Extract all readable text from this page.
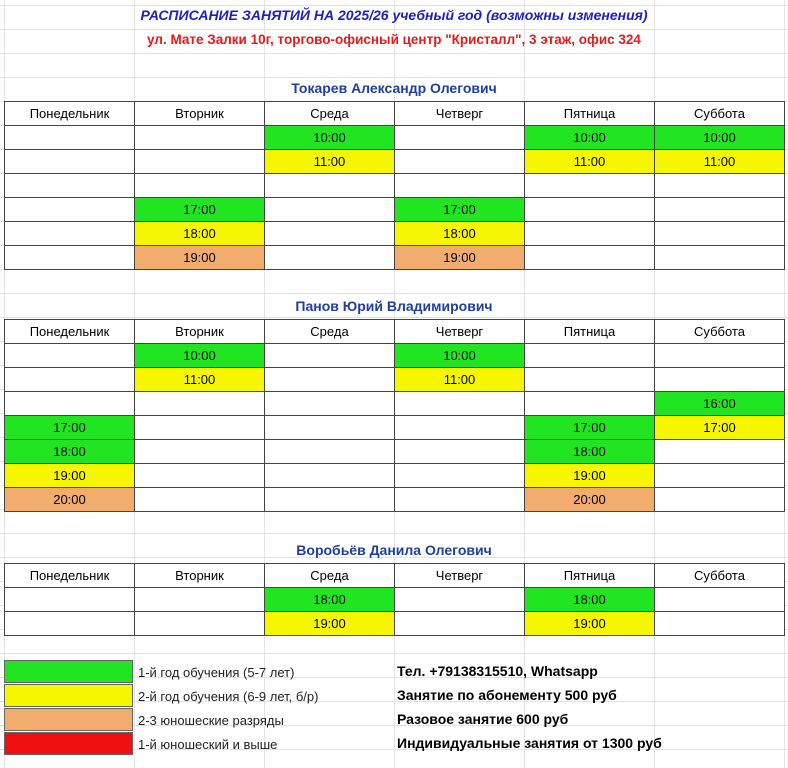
РАСПИСАНИЕ ЗАНЯТИЙ НА 2025/26 учебный год (возможны изменения)
ул. Мате Залки 10г, торгово-офисный центр "Кристалл", 3 этаж, офис 324
Токарев Александр Олегович
Понедельник	Вторник	Среда	Четверг	Пятница	Суббота
		10:00		10:00	10:00
		11:00		11:00	11:00

	17:00		17:00		
	18:00		18:00		
	19:00		19:00		
Панов Юрий Владимирович
Понедельник	Вторник	Среда	Четверг	Пятница	Суббота
	10:00		10:00		
	11:00		11:00		
					16:00
17:00				17:00	17:00
18:00				18:00	
19:00				19:00	
20:00				20:00	
Воробьёв Данила Олегович
Понедельник	Вторник	Среда	Четверг	Пятница	Суббота
		18:00		18:00	
		19:00		19:00	
1-й год обучения (5-7 лет)	Тел. +79138315510, Whatsapp
2-й год обучения (6-9 лет, б/р)	Занятие по абонементу 500 руб
2-3 юношеские разряды	Разовое занятие 600 руб
1-й юношеский и выше	Индивидуальные занятия от 1300 руб
